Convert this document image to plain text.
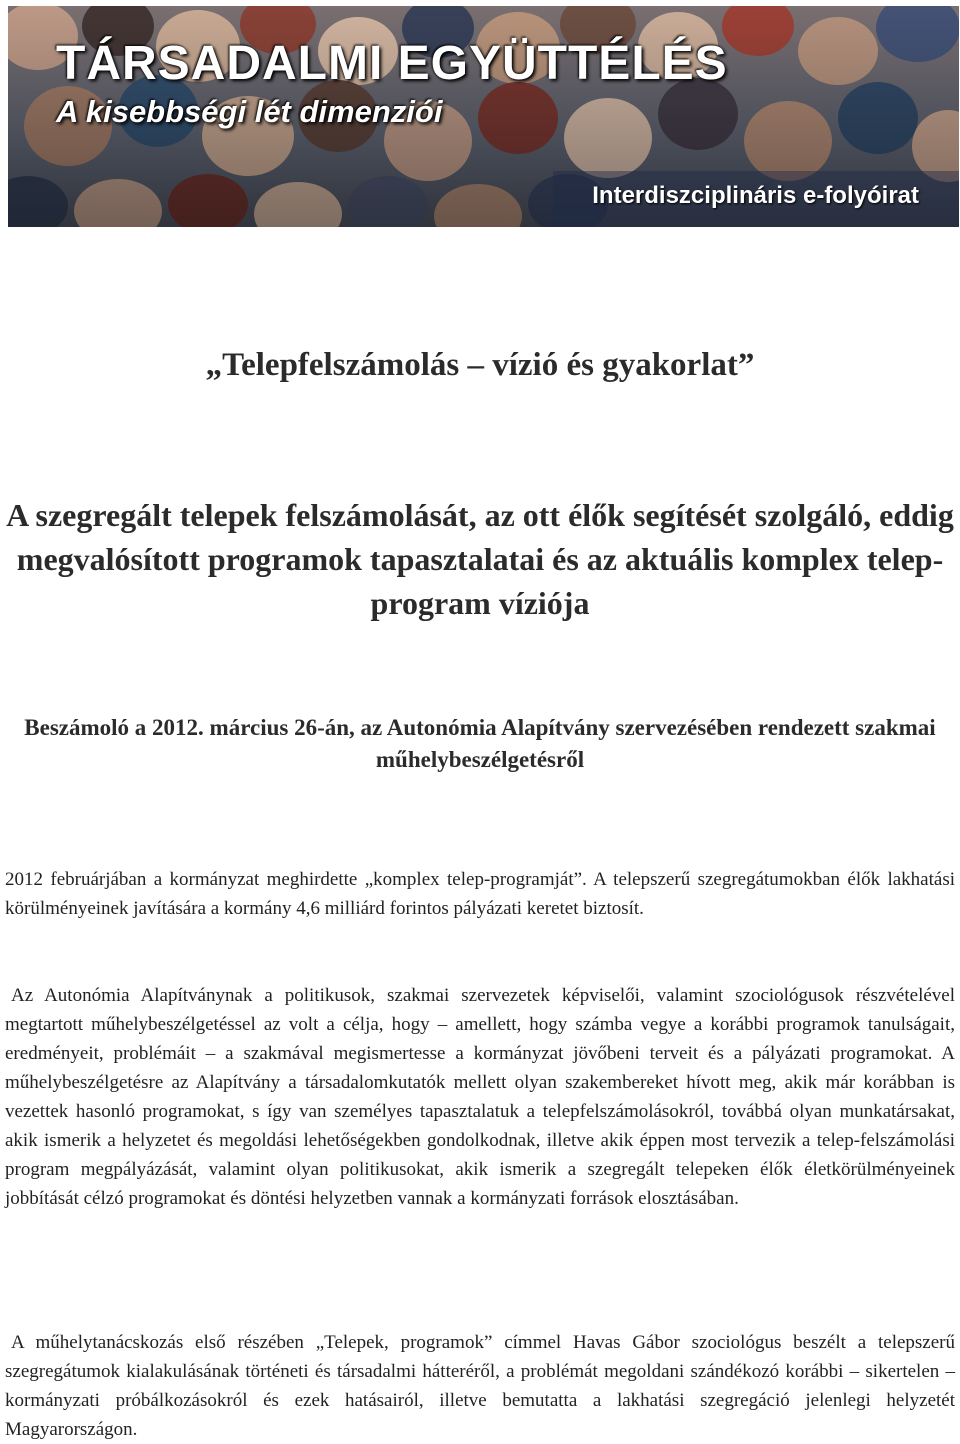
TÁRSADALMI EGYÜTTÉLÉS
A kisebbségi lét dimenziói
Interdiszciplináris e-folyóirat
„Telepfelszámolás – vízió és gyakorlat”
A szegregált telepek felszámolását, az ott élők segítését szolgáló, eddig megvalósított programok tapasztalatai és az aktuális komplex telep-program víziója

Beszámoló a 2012. március 26-án, az Autonómia Alapítvány szervezésében rendezett szakmai műhelybeszélgetésről

2012 februárjában a kormányzat meghirdette „komplex telep-programját”. A telepszerű szegregátumokban élők lakhatási körülményeinek javítására a kormány 4,6 milliárd forintos pályázati keretet biztosít.

Az Autonómia Alapítványnak a politikusok, szakmai szervezetek képviselői, valamint szociológusok részvételével megtartott műhelybeszélgetéssel az volt a célja, hogy – amellett, hogy számba vegye a korábbi programok tanulságait, eredményeit, problémáit – a szakmával megismertesse a kormányzat jövőbeni terveit és a pályázati programokat. A műhelybeszélgetésre az Alapítvány a társadalomkutatók mellett olyan szakembereket hívott meg, akik már korábban is vezettek hasonló programokat, s így van személyes tapasztalatuk a telepfelszámolásokról, továbbá olyan munkatársakat, akik ismerik a helyzetet és megoldási lehetőségekben gondolkodnak, illetve akik éppen most tervezik a telep-felszámolási program megpályázását, valamint olyan politikusokat, akik ismerik a szegregált telepeken élők életkörülményeinek jobbítását célzó programokat és döntési helyzetben vannak a kormányzati források elosztásában.

A műhelytanácskozás első részében „Telepek, programok” címmel Havas Gábor szociológus beszélt a telepszerű szegregátumok kialakulásának történeti és társadalmi hátteréről, a problémát megoldani szándékozó korábbi – sikertelen – kormányzati próbálkozásokról és ezek hatásairól, illetve bemutatta a lakhatási szegregáció jelenlegi helyzetét Magyarországon.
